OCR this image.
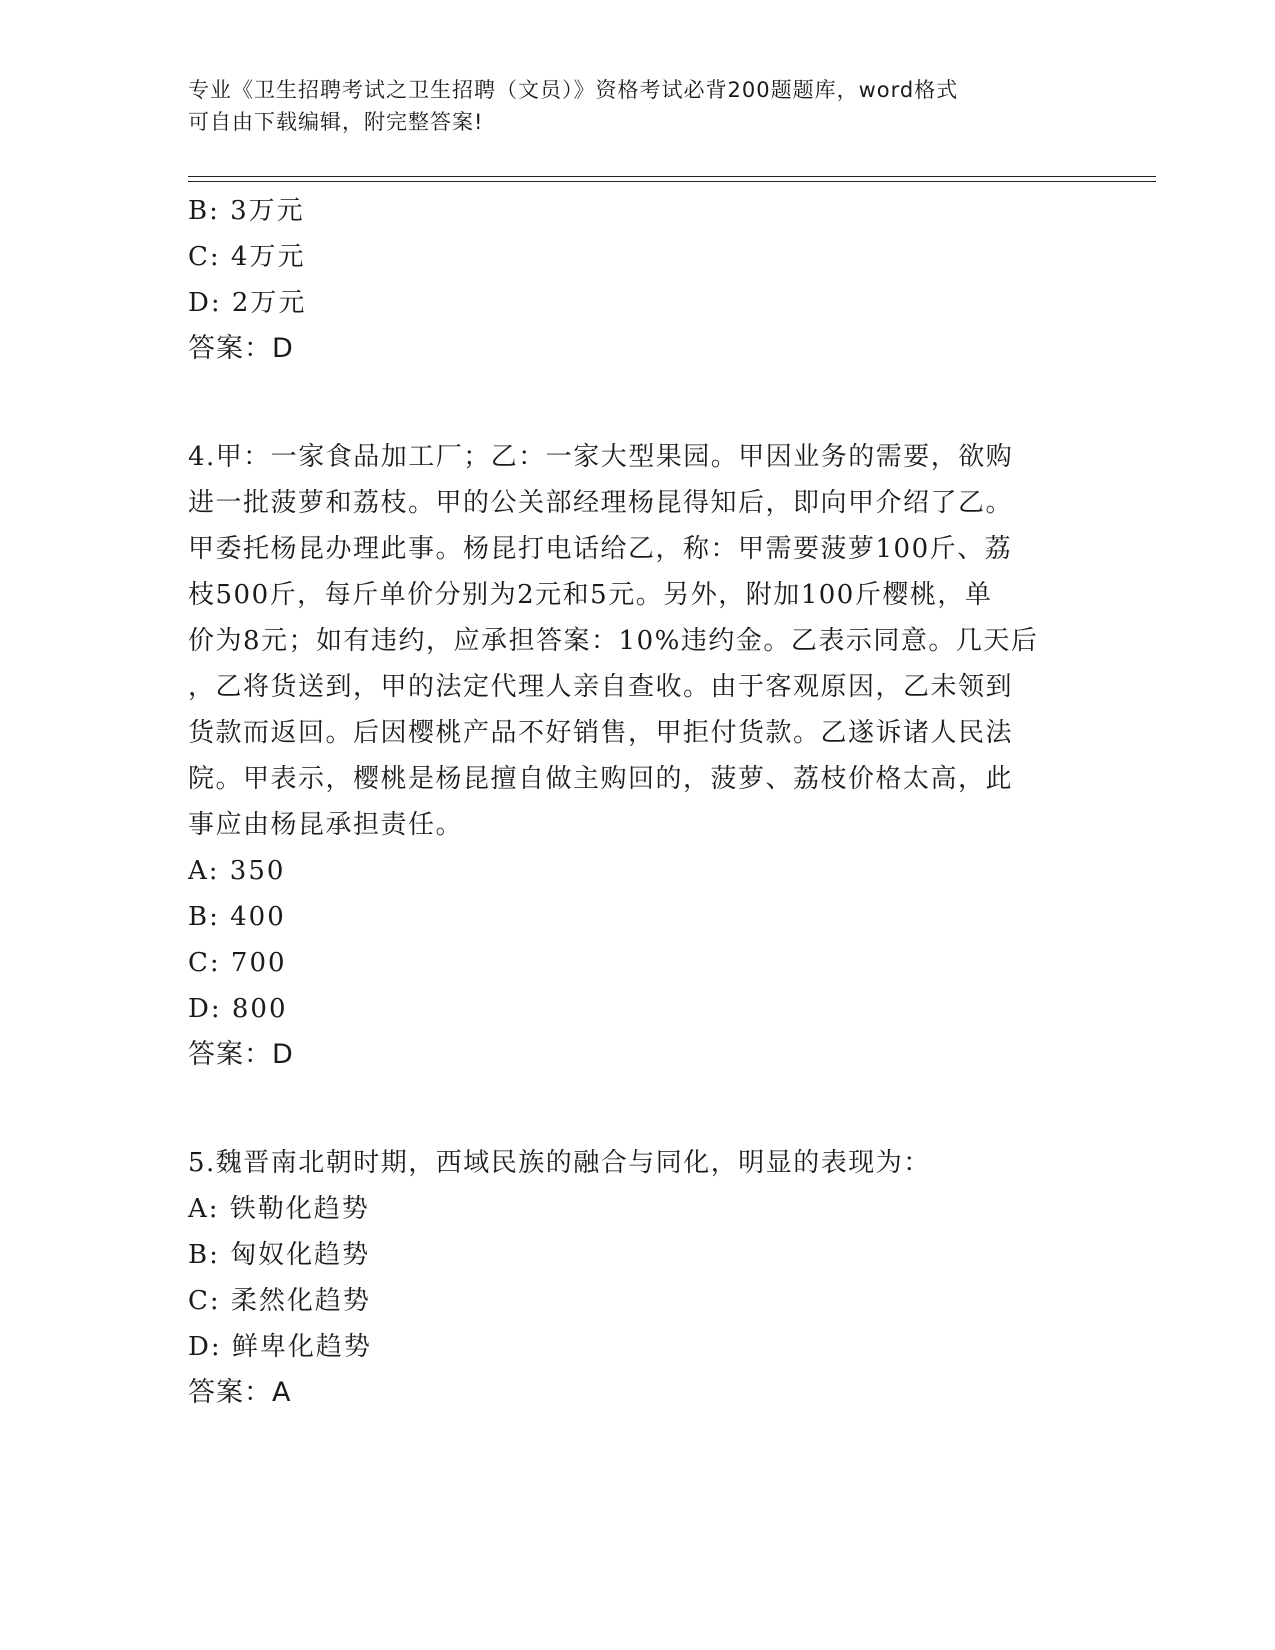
专业《卫生招聘考试之卫生招聘（文员）》资格考试必背200题题库，word格式
可自由下载编辑，附完整答案!
B: 3万元
C: 4万元
D: 2万元
答案：D
4.甲：一家食品加工厂；乙：一家大型果园。甲因业务的需要，欲购
进一批菠萝和荔枝。甲的公关部经理杨昆得知后，即向甲介绍了乙。
甲委托杨昆办理此事。杨昆打电话给乙，称：甲需要菠萝100斤、荔
枝500斤，每斤单价分别为2元和5元。另外，附加100斤樱桃，单
价为8元；如有违约，应承担答案：10%违约金。乙表示同意。几天后
，乙将货送到，甲的法定代理人亲自查收。由于客观原因，乙未领到
货款而返回。后因樱桃产品不好销售，甲拒付货款。乙遂诉诸人民法
院。甲表示，樱桃是杨昆擅自做主购回的，菠萝、荔枝价格太高，此
事应由杨昆承担责任。
A: 350
B: 400
C: 700
D: 800
答案：D
5.魏晋南北朝时期，西域民族的融合与同化，明显的表现为：
A: 铁勒化趋势
B: 匈奴化趋势
C: 柔然化趋势
D: 鲜卑化趋势
答案：A
